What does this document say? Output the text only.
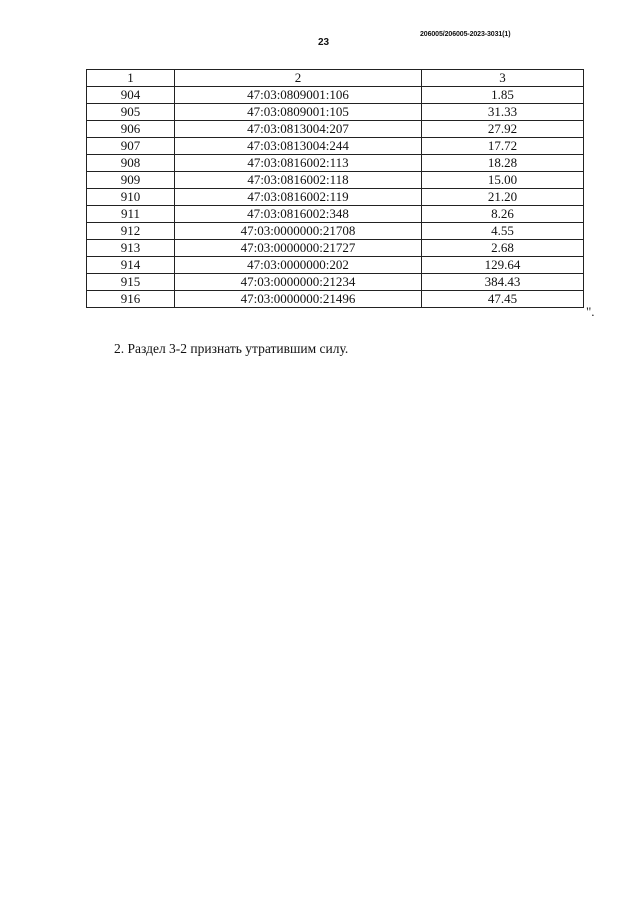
23
206005/206005-2023-3031(1)
1	2	3
904	47:03:0809001:106	1.85
905	47:03:0809001:105	31.33
906	47:03:0813004:207	27.92
907	47:03:0813004:244	17.72
908	47:03:0816002:113	18.28
909	47:03:0816002:118	15.00
910	47:03:0816002:119	21.20
911	47:03:0816002:348	8.26
912	47:03:0000000:21708	4.55
913	47:03:0000000:21727	2.68
914	47:03:0000000:202	129.64
915	47:03:0000000:21234	384.43
916	47:03:0000000:21496	47.45
".

2. Раздел 3-2 признать утратившим силу.
